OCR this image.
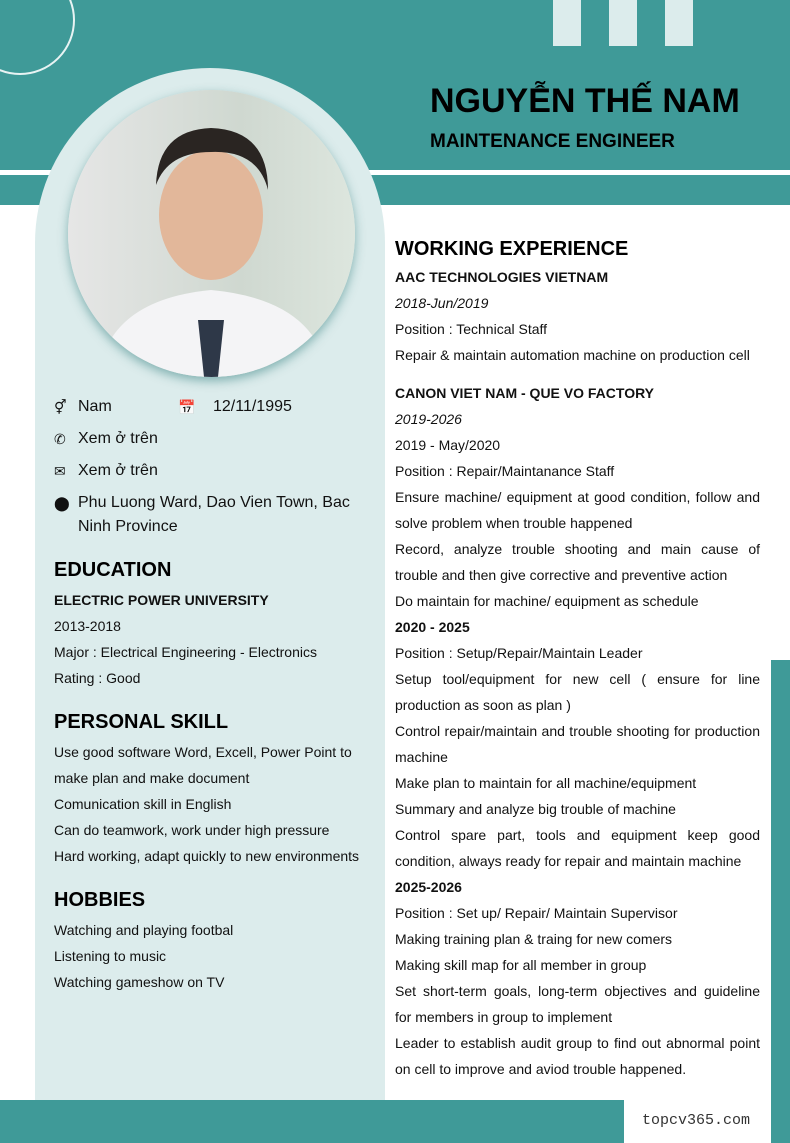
NGUYỄN THẾ NAM
MAINTENANCE ENGINEER
⚥ Nam	📅	12/11/1995
✆ Xem ở trên
✉ Xem ở trên
⬤ Phu Luong Ward, Dao Vien Town, Bac Ninh Province
EDUCATION
ELECTRIC POWER UNIVERSITY
2013-2018
Major : Electrical Engineering - Electronics
Rating : Good
PERSONAL SKILL
Use good software Word, Excell, Power Point to make plan and make document
Comunication skill in English
Can do teamwork, work under high pressure
Hard working, adapt quickly to new environments
HOBBIES
Watching and playing footbal
Listening to music
Watching gameshow on TV
WORKING EXPERIENCE
AAC TECHNOLOGIES VIETNAM
2018-Jun/2019
Position : Technical Staff
Repair & maintain automation machine on production cell
CANON VIET NAM - QUE VO FACTORY
2019-2026
2019 - May/2020
Position : Repair/Maintanance Staff
Ensure machine/ equipment at good condition, follow and solve problem when trouble happened
Record, analyze trouble shooting and main cause of trouble and then give corrective and preventive action
Do maintain for machine/ equipment as schedule
2020 - 2025
Position : Setup/Repair/Maintain Leader
Setup tool/equipment for new cell ( ensure for line production as soon as plan )
Control repair/maintain and trouble shooting for production machine
Make plan to maintain for all machine/equipment
Summary and analyze big trouble of machine
Control spare part, tools and equipment keep good condition, always ready for repair and maintain machine
2025-2026
Position : Set up/ Repair/ Maintain Supervisor
Making training plan & traing for new comers
Making skill map for all member in group
Set short-term goals, long-term objectives and guideline for members in group to implement
Leader to establish audit group to find out abnormal point on cell to improve and aviod trouble happened.
topcv365.com
